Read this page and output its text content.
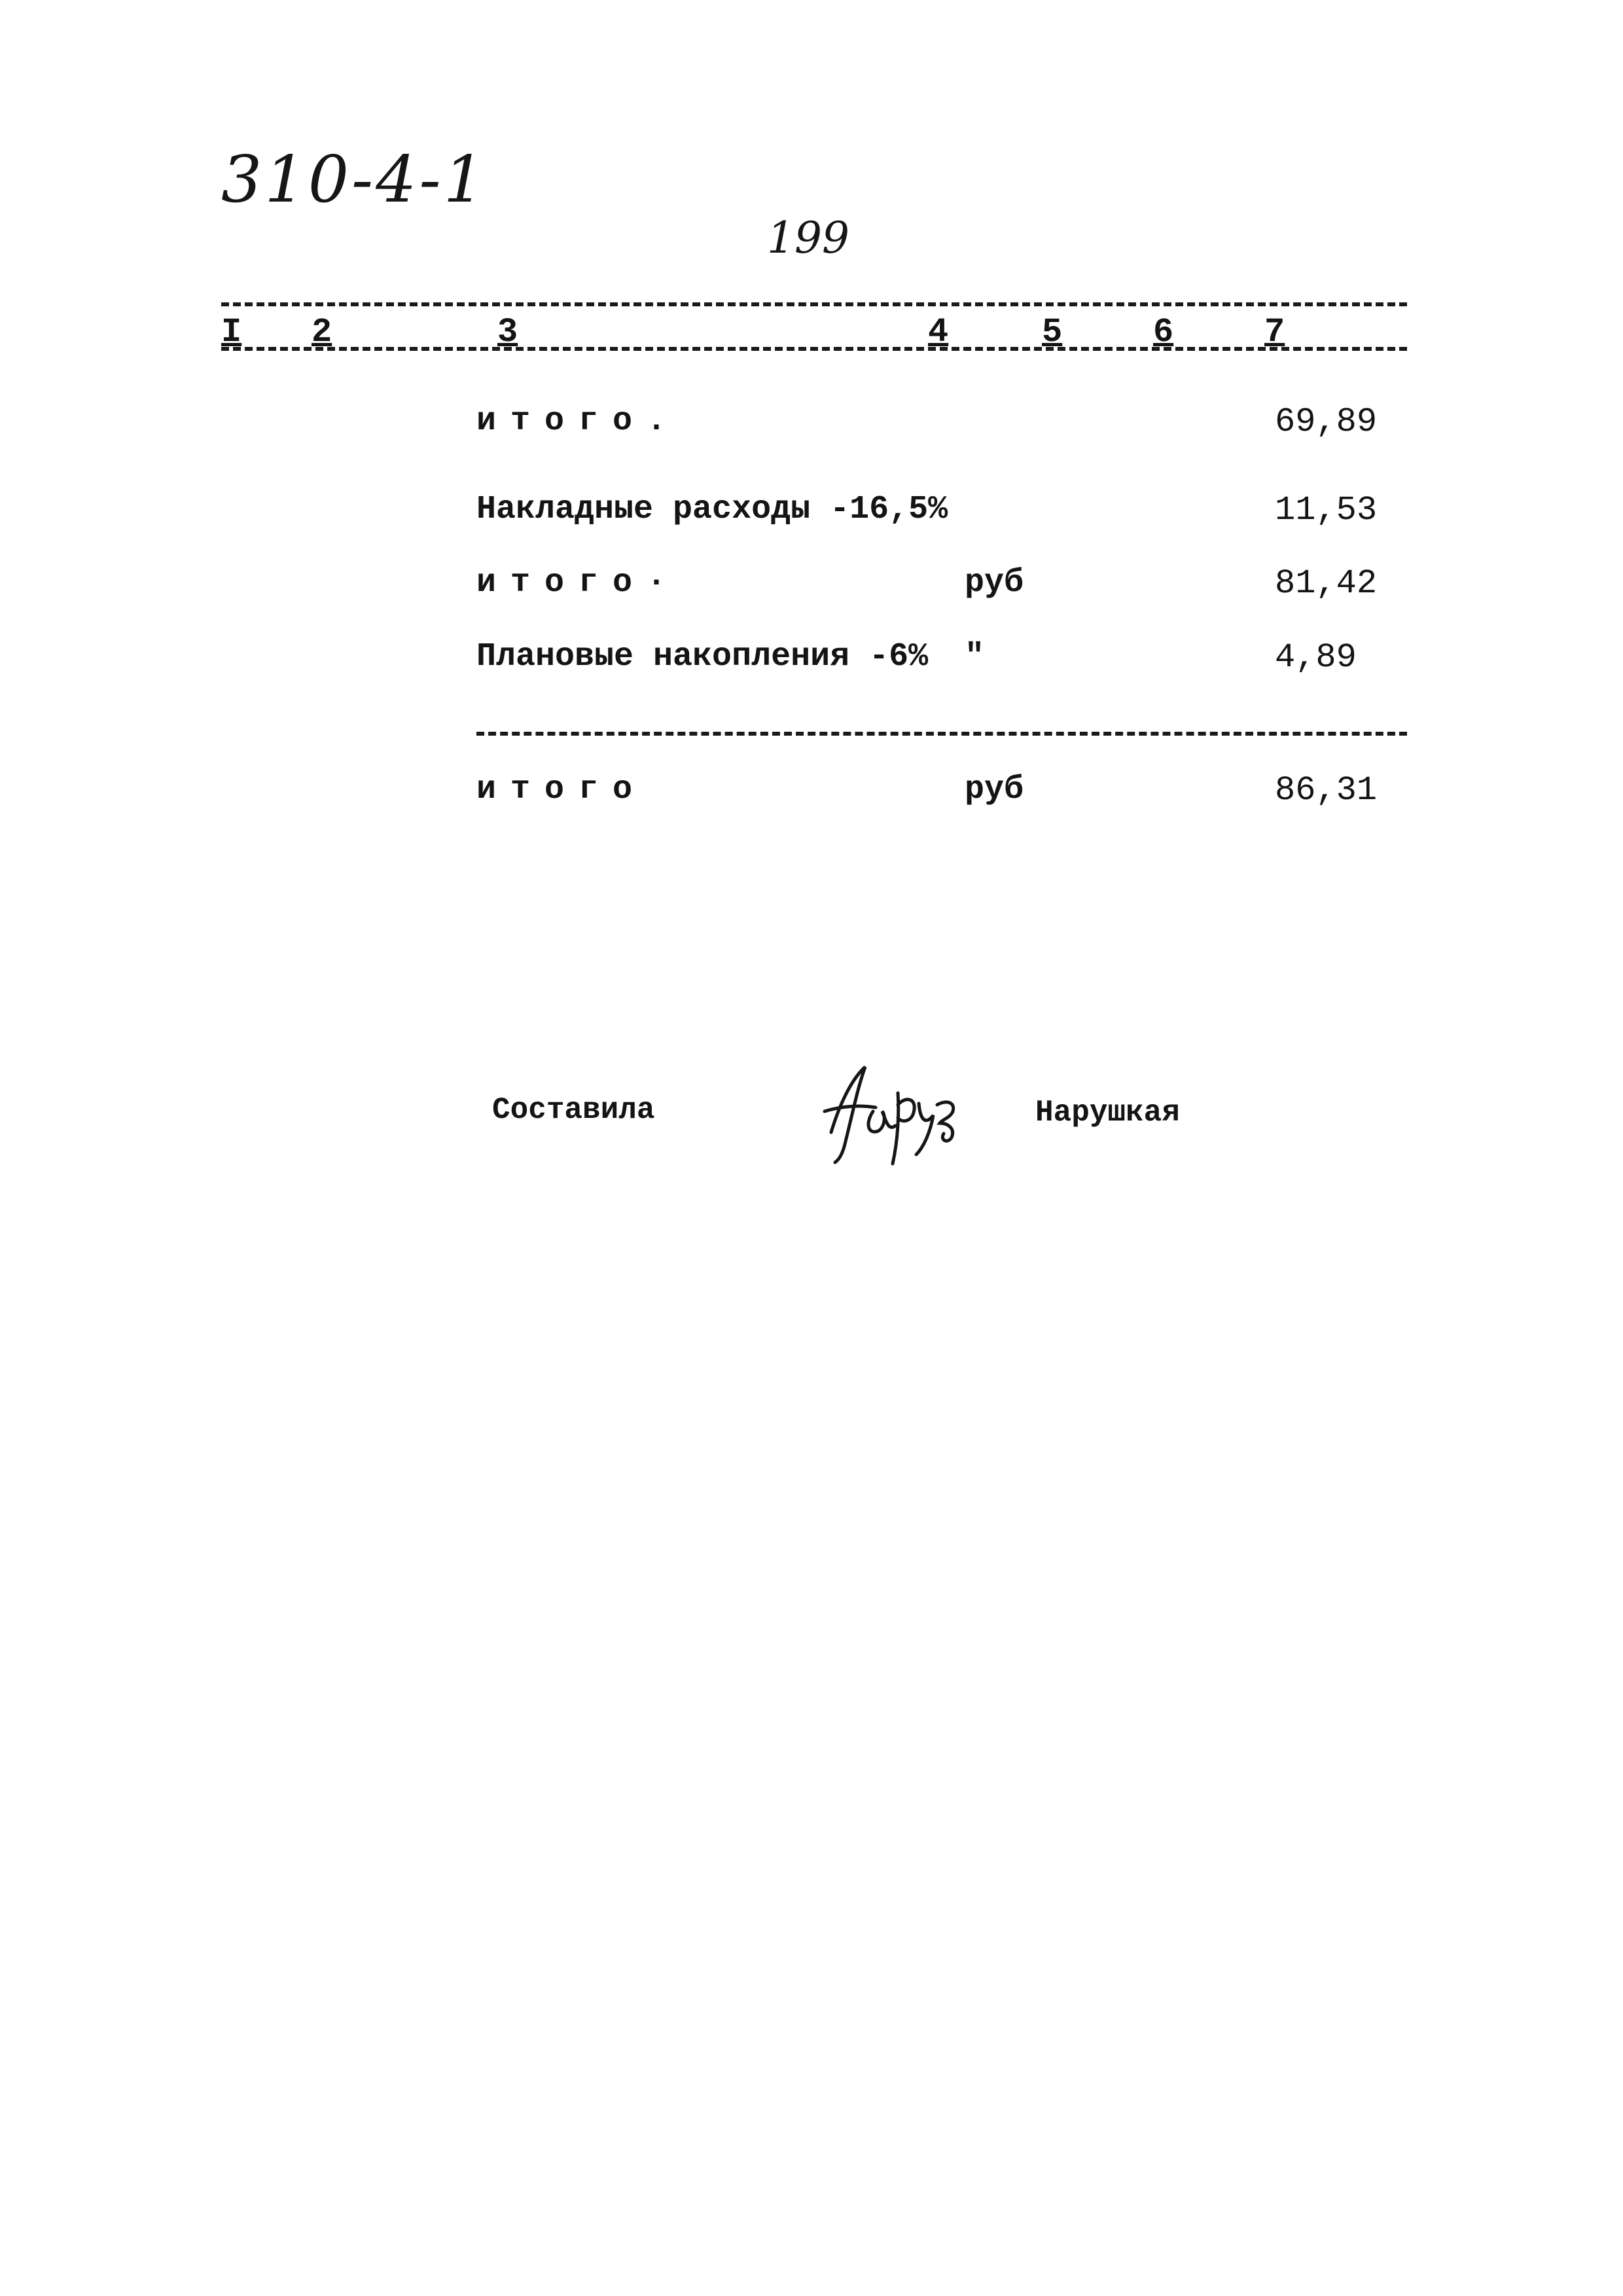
310-4-1
199
I 2	3	4	5	6	7
итого.	69,89
Накладные расходы -16,5%	11,53
итого·	руб	81,42
Плановые накопления -6% "	4,89
итого	руб	86,31
Составила	Нарушкая
